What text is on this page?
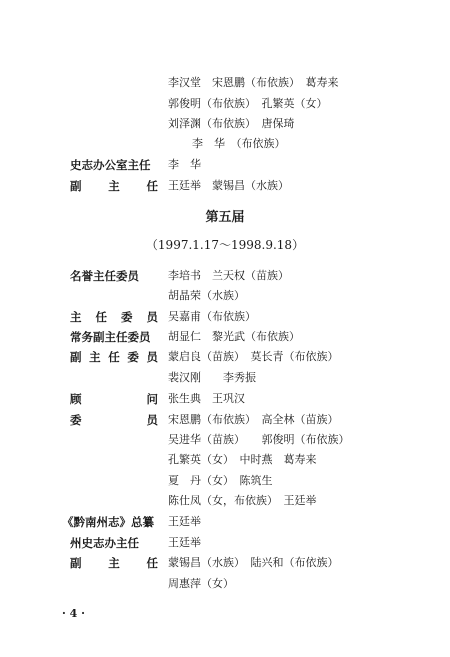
李汉堂　宋恩鹏（布依族）　葛寿来
郭俊明（布依族）　孔繁英（女）
刘泽渊（布依族）　唐保琦
李　华　（布依族）
史志办公室主任 李　华
副　主　任 王廷举　蒙锡昌（水族）
第五届
（1997.1.17～1998.9.18）
名誉主任委员	李培书　兰天权（苗族）
胡晶荣（水族）
主任委员 吴嘉甫（布依族）
常务副主任委员 胡显仁　黎光武（布依族）
副主任委员 蒙启良（苗族）　莫长青（布依族）
裴汉刚　　李秀振
顾　　　问 张生典　王巩汉
委　　　员 宋恩鹏（布依族）　高全林（苗族）
吴进华（苗族）　　郭俊明（布依族）
孔繁英（女）　中时燕　葛寿来
夏　丹（女）　陈筑生
陈仕凤（女，布依族）　王廷举
《黔南州志》总纂 王廷举
州史志办主任	王廷举
副　主　任 蒙锡昌（水族）　陆兴和（布依族）
周惠萍（女）
· 4 ·
